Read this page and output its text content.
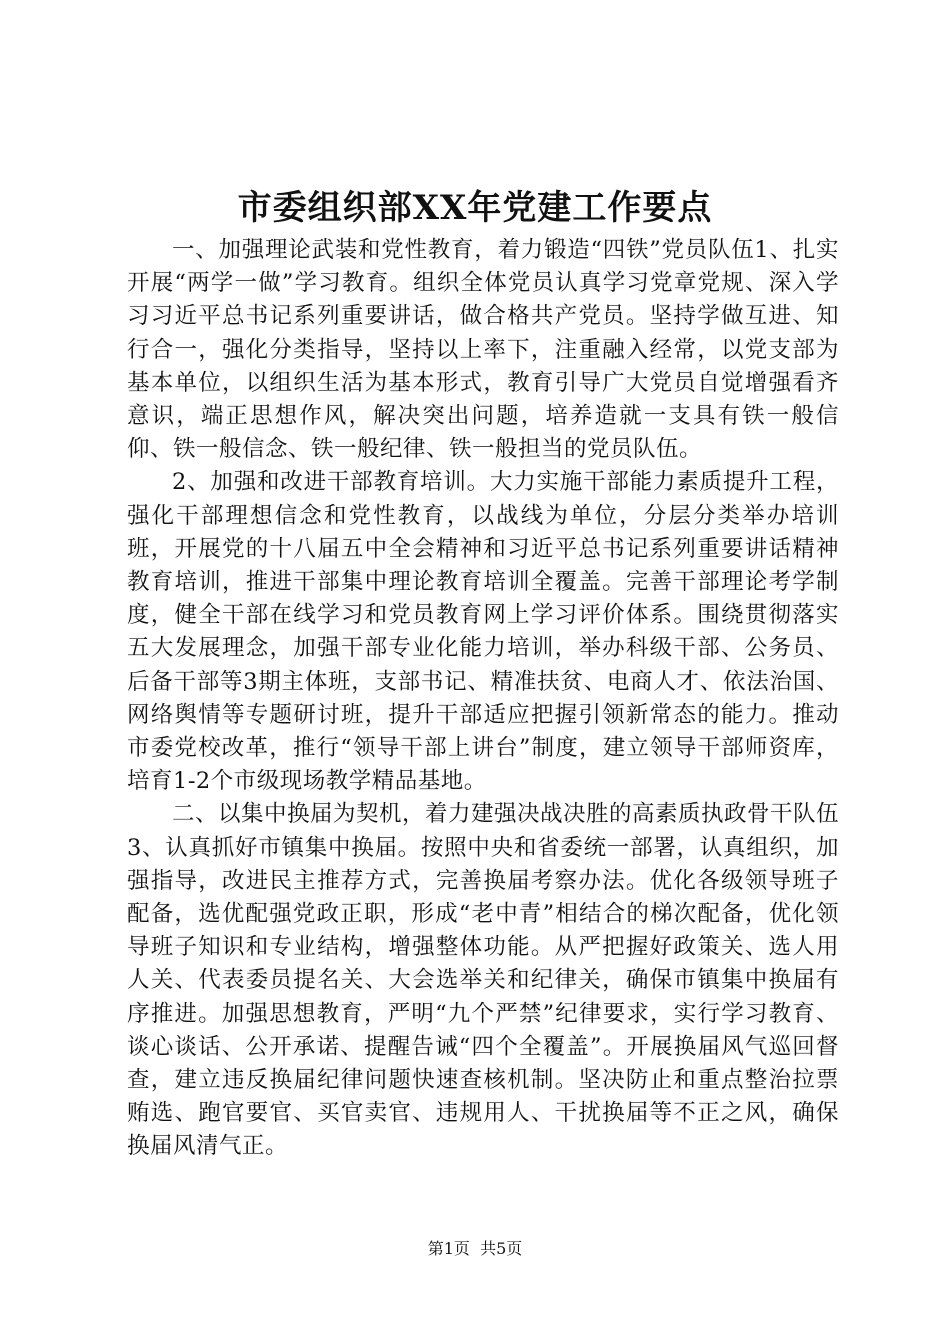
市委组织部XX年党建工作要点

一、加强理论武装和党性教育，着力锻造“四铁”党员队伍1、扎实开展“两学一做”学习教育。组织全体党员认真学习党章党规、深入学习习近平总书记系列重要讲话，做合格共产党员。坚持学做互进、知行合一，强化分类指导，坚持以上率下，注重融入经常，以党支部为基本单位，以组织生活为基本形式，教育引导广大党员自觉增强看齐意识，端正思想作风，解决突出问题，培养造就一支具有铁一般信仰、铁一般信念、铁一般纪律、铁一般担当的党员队伍。

2、加强和改进干部教育培训。大力实施干部能力素质提升工程，强化干部理想信念和党性教育，以战线为单位，分层分类举办培训班，开展党的十八届五中全会精神和习近平总书记系列重要讲话精神教育培训，推进干部集中理论教育培训全覆盖。完善干部理论考学制度，健全干部在线学习和党员教育网上学习评价体系。围绕贯彻落实五大发展理念，加强干部专业化能力培训，举办科级干部、公务员、后备干部等3期主体班，支部书记、精准扶贫、电商人才、依法治国、网络舆情等专题研讨班，提升干部适应把握引领新常态的能力。推动市委党校改革，推行“领导干部上讲台”制度，建立领导干部师资库，培育1-2个市级现场教学精品基地。

二、以集中换届为契机，着力建强决战决胜的高素质执政骨干队伍3、认真抓好市镇集中换届。按照中央和省委统一部署，认真组织，加强指导，改进民主推荐方式，完善换届考察办法。优化各级领导班子配备，选优配强党政正职，形成“老中青”相结合的梯次配备，优化领导班子知识和专业结构，增强整体功能。从严把握好政策关、选人用人关、代表委员提名关、大会选举关和纪律关，确保市镇集中换届有序推进。加强思想教育，严明“九个严禁”纪律要求，实行学习教育、谈心谈话、公开承诺、提醒告诫“四个全覆盖”。开展换届风气巡回督查，建立违反换届纪律问题快速查核机制。坚决防止和重点整治拉票贿选、跑官要官、买官卖官、违规用人、干扰换届等不正之风，确保换届风清气正。

第1页 共5页
